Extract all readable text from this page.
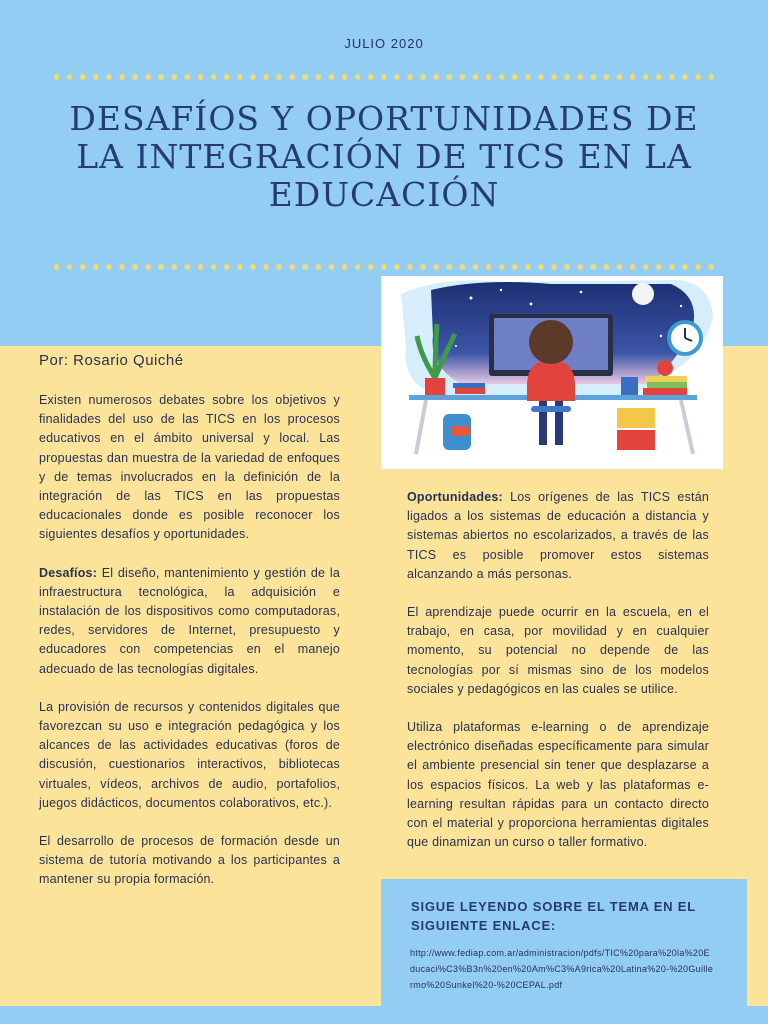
JULIO 2020
DESAFÍOS Y OPORTUNIDADES DE LA INTEGRACIÓN DE TICS EN LA EDUCACIÓN
Por: Rosario Quiché

Existen numerosos debates sobre los objetivos y finalidades del uso de las TICS en los procesos educativos en el ámbito universal y local. Las propuestas dan muestra de la variedad de enfoques y de temas involucrados en la definición de la integración de las TICS en las propuestas educacionales donde es posible reconocer los siguientes desafíos y oportunidades.

Desafíos: El diseño, mantenimiento y gestión de la infraestructura tecnológica, la adquisición e instalación de los dispositivos como computadoras, redes, servidores de Internet, presupuesto y educadores con competencias en el manejo adecuado de las tecnologías digitales.

La provisión de recursos y contenidos digitales que favorezcan su uso e integración pedagógica y los alcances de las actividades educativas (foros de discusión, cuestionarios interactivos, bibliotecas virtuales, vídeos, archivos de audio, portafolios, juegos didácticos, documentos colaborativos, etc.).

El desarrollo de procesos de formación desde un sistema de tutoría motivando a los participantes a mantener su propia formación.

Oportunidades: Los orígenes de las TICS están ligados a los sistemas de educación a distancia y sistemas abiertos no escolarizados, a través de las TICS es posible promover estos sistemas alcanzando a más personas.

El aprendizaje puede ocurrir en la escuela, en el trabajo, en casa, por movilidad y en cualquier momento, su potencial no depende de las tecnologías por sí mismas sino de los modelos sociales y pedagógicos en las cuales se utilice.

Utiliza plataformas e-learning o de aprendizaje electrónico diseñadas específicamente para simular el ambiente presencial sin tener que desplazarse a los espacios físicos. La web y las plataformas e-learning resultan rápidas para un contacto directo con el material y proporciona herramientas digitales que dinamizan un curso o taller formativo.

SIGUE LEYENDO SOBRE EL TEMA EN EL SIGUIENTE ENLACE:
http://www.fediap.com.ar/administracion/pdfs/TIC%20para%20la%20Educaci%C3%B3n%20en%20Am%C3%A9rica%20Latina%20-%20Guillermo%20Sunkel%20-%20CEPAL.pdf
